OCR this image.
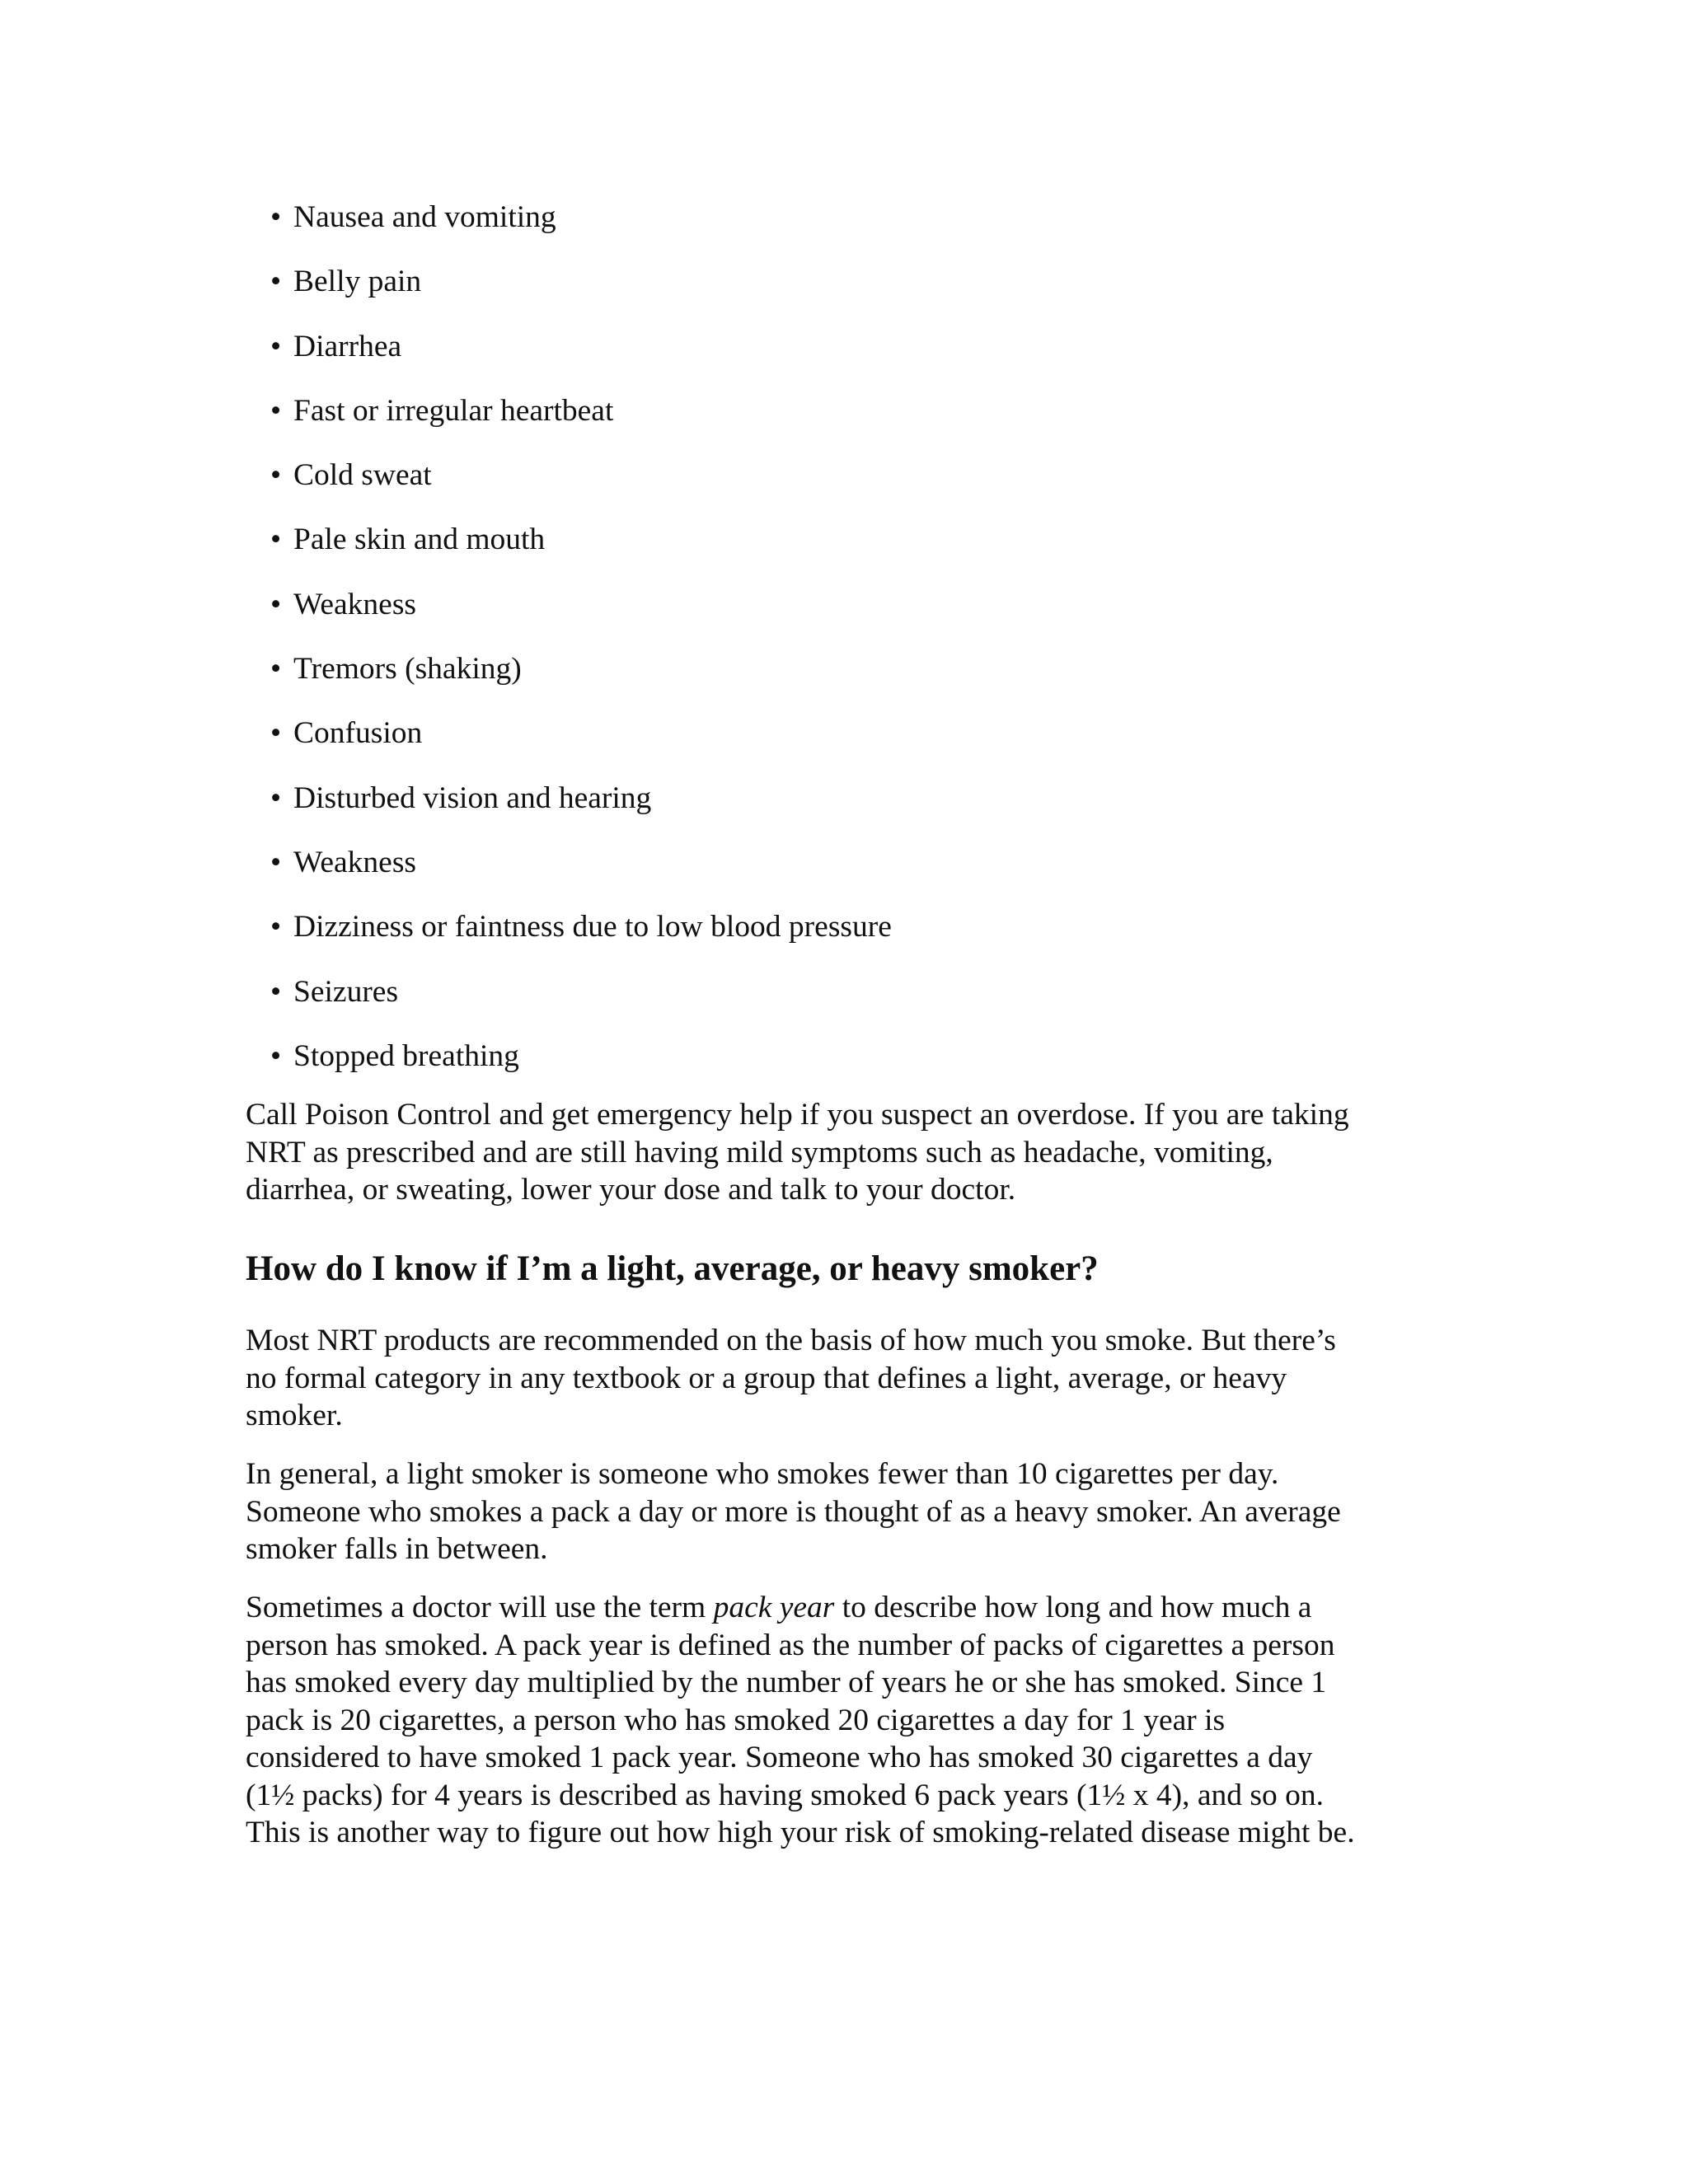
• Nausea and vomiting
• Belly pain
• Diarrhea
• Fast or irregular heartbeat
• Cold sweat
• Pale skin and mouth
• Weakness
• Tremors (shaking)
• Confusion
• Disturbed vision and hearing
• Weakness
• Dizziness or faintness due to low blood pressure
• Seizures
• Stopped breathing

Call Poison Control and get emergency help if you suspect an overdose. If you are taking
NRT as prescribed and are still having mild symptoms such as headache, vomiting,
diarrhea, or sweating, lower your dose and talk to your doctor.

How do I know if I’m a light, average, or heavy smoker?

Most NRT products are recommended on the basis of how much you smoke. But there’s
no formal category in any textbook or a group that defines a light, average, or heavy
smoker.

In general, a light smoker is someone who smokes fewer than 10 cigarettes per day.
Someone who smokes a pack a day or more is thought of as a heavy smoker. An average
smoker falls in between.

Sometimes a doctor will use the term pack year to describe how long and how much a
person has smoked. A pack year is defined as the number of packs of cigarettes a person
has smoked every day multiplied by the number of years he or she has smoked. Since 1
pack is 20 cigarettes, a person who has smoked 20 cigarettes a day for 1 year is
considered to have smoked 1 pack year. Someone who has smoked 30 cigarettes a day
(1½ packs) for 4 years is described as having smoked 6 pack years (1½ x 4), and so on.
This is another way to figure out how high your risk of smoking-related disease might be.
